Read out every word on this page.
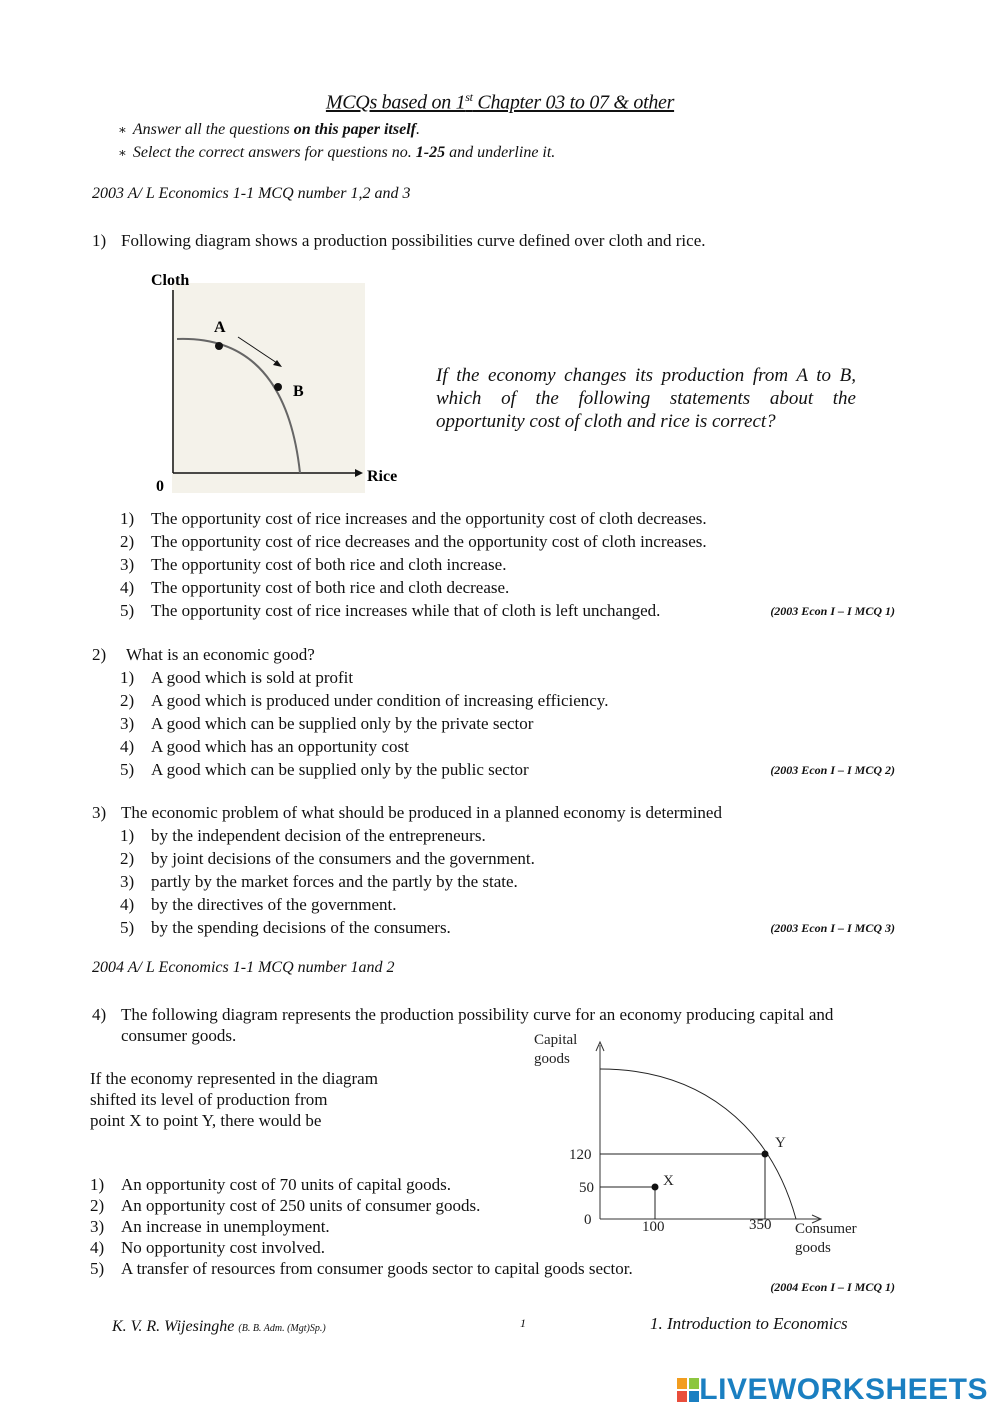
MCQs based on 1st Chapter 03 to 07 & other
∗ Answer all the questions on this paper itself.
∗ Select the correct answers for questions no. 1-25 and underline it.
2003 A/ L Economics 1-1 MCQ number 1,2 and 3
1) Following diagram shows a production possibilities curve defined over cloth and rice.
Cloth
Rice
0
A
B
If the economy changes its production from A to B, which of the following statements about the opportunity cost of cloth and rice is correct?
1) The opportunity cost of rice increases and the opportunity cost of cloth decreases.
2) The opportunity cost of rice decreases and the opportunity cost of cloth increases.
3) The opportunity cost of both rice and cloth increase.
4) The opportunity cost of both rice and cloth decrease.
5) The opportunity cost of rice increases while that of cloth is left unchanged.	(2003 Econ I – I MCQ 1)
2) What is an economic good?
1) A good which is sold at profit
2) A good which is produced under condition of increasing efficiency.
3) A good which can be supplied only by the private sector
4) A good which has an opportunity cost
5) A good which can be supplied only by the public sector	(2003 Econ I – I MCQ 2)
3) The economic problem of what should be produced in a planned economy is determined
1) by the independent decision of the entrepreneurs.
2) by joint decisions of the consumers and the government.
3) partly by the market forces and the partly by the state.
4) by the directives of the government.
5) by the spending decisions of the consumers.	(2003 Econ I – I MCQ 3)
2004 A/ L Economics 1-1 MCQ number 1and 2
4) The following diagram represents the production possibility curve for an economy producing capital and
consumer goods.
If the economy represented in the diagram
shifted its level of production from
point X to point Y, there would be
Capital
goods
Consumer
goods
0
120
50
100	350
X
Y
1) An opportunity cost of 70 units of capital goods.
2) An opportunity cost of 250 units of consumer goods.
3) An increase in unemployment.
4) No opportunity cost involved.
5) A transfer of resources from consumer goods sector to capital goods sector.
(2004 Econ I – I MCQ 1)
K. V. R. Wijesinghe (B. B. Adm. (Mgt)Sp.)	1	1. Introduction to Economics
LIVEWORKSHEETS
